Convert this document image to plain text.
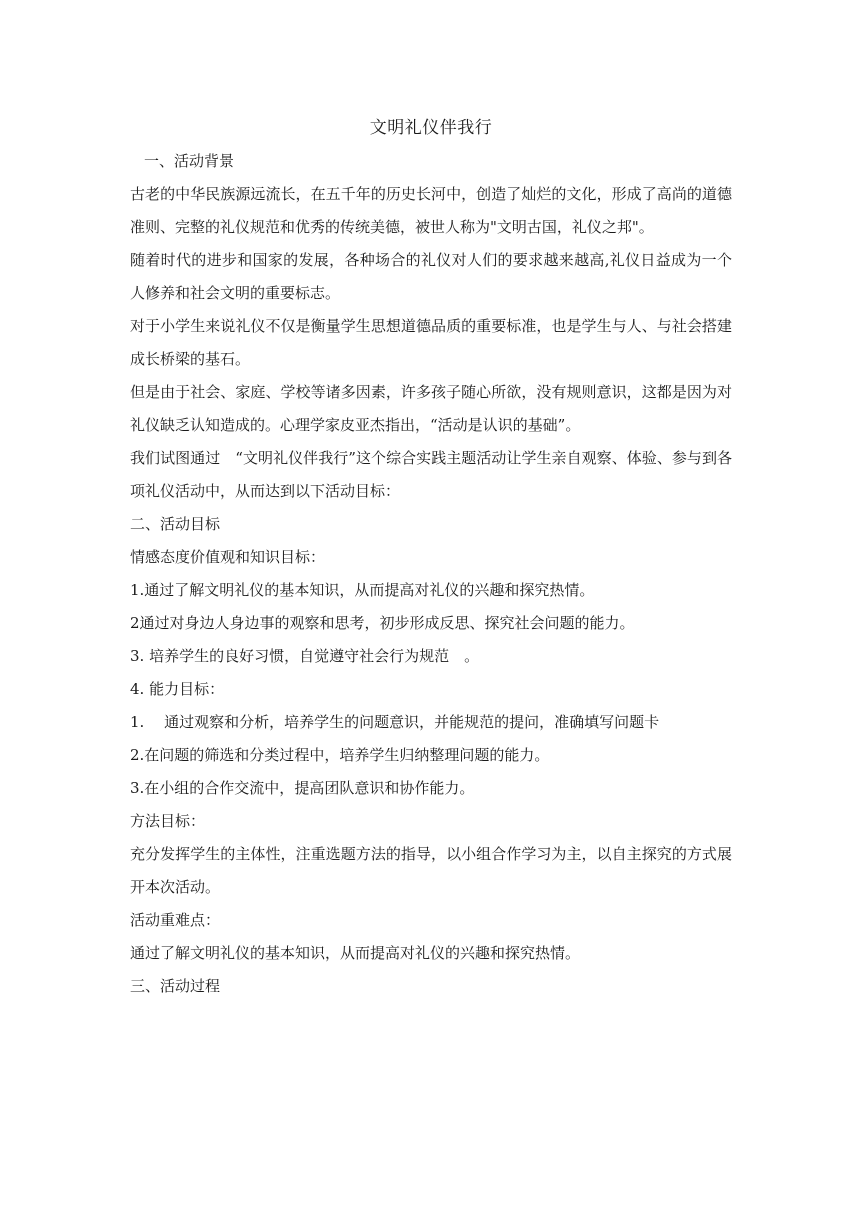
文明礼仪伴我行

一、活动背景

古老的中华民族源远流长，在五千年的历史长河中，创造了灿烂的文化，形成了高尚的道德准则、完整的礼仪规范和优秀的传统美德，被世人称为"文明古国，礼仪之邦"。

随着时代的进步和国家的发展，各种场合的礼仪对人们的要求越来越高,礼仪日益成为一个人修养和社会文明的重要标志。

对于小学生来说礼仪不仅是衡量学生思想道德品质的重要标准，也是学生与人、与社会搭建成长桥梁的基石。

但是由于社会、家庭、学校等诸多因素，许多孩子随心所欲，没有规则意识，这都是因为对礼仪缺乏认知造成的。心理学家皮亚杰指出，“活动是认识的基础”。

我们试图通过　“文明礼仪伴我行”这个综合实践主题活动让学生亲自观察、体验、参与到各项礼仪活动中，从而达到以下活动目标：

二、活动目标

情感态度价值观和知识目标：

1.通过了解文明礼仪的基本知识，从而提高对礼仪的兴趣和探究热情。

2通过对身边人身边事的观察和思考，初步形成反思、探究社会问题的能力。

3. 培养学生的良好习惯，自觉遵守社会行为规范　。

4. 能力目标：

1.　 通过观察和分析，培养学生的问题意识，并能规范的提问，准确填写问题卡

2.在问题的筛选和分类过程中，培养学生归纳整理问题的能力。

3.在小组的合作交流中，提高团队意识和协作能力。

方法目标：

充分发挥学生的主体性，注重选题方法的指导，以小组合作学习为主，以自主探究的方式展开本次活动。

活动重难点：

通过了解文明礼仪的基本知识，从而提高对礼仪的兴趣和探究热情。

三、活动过程
